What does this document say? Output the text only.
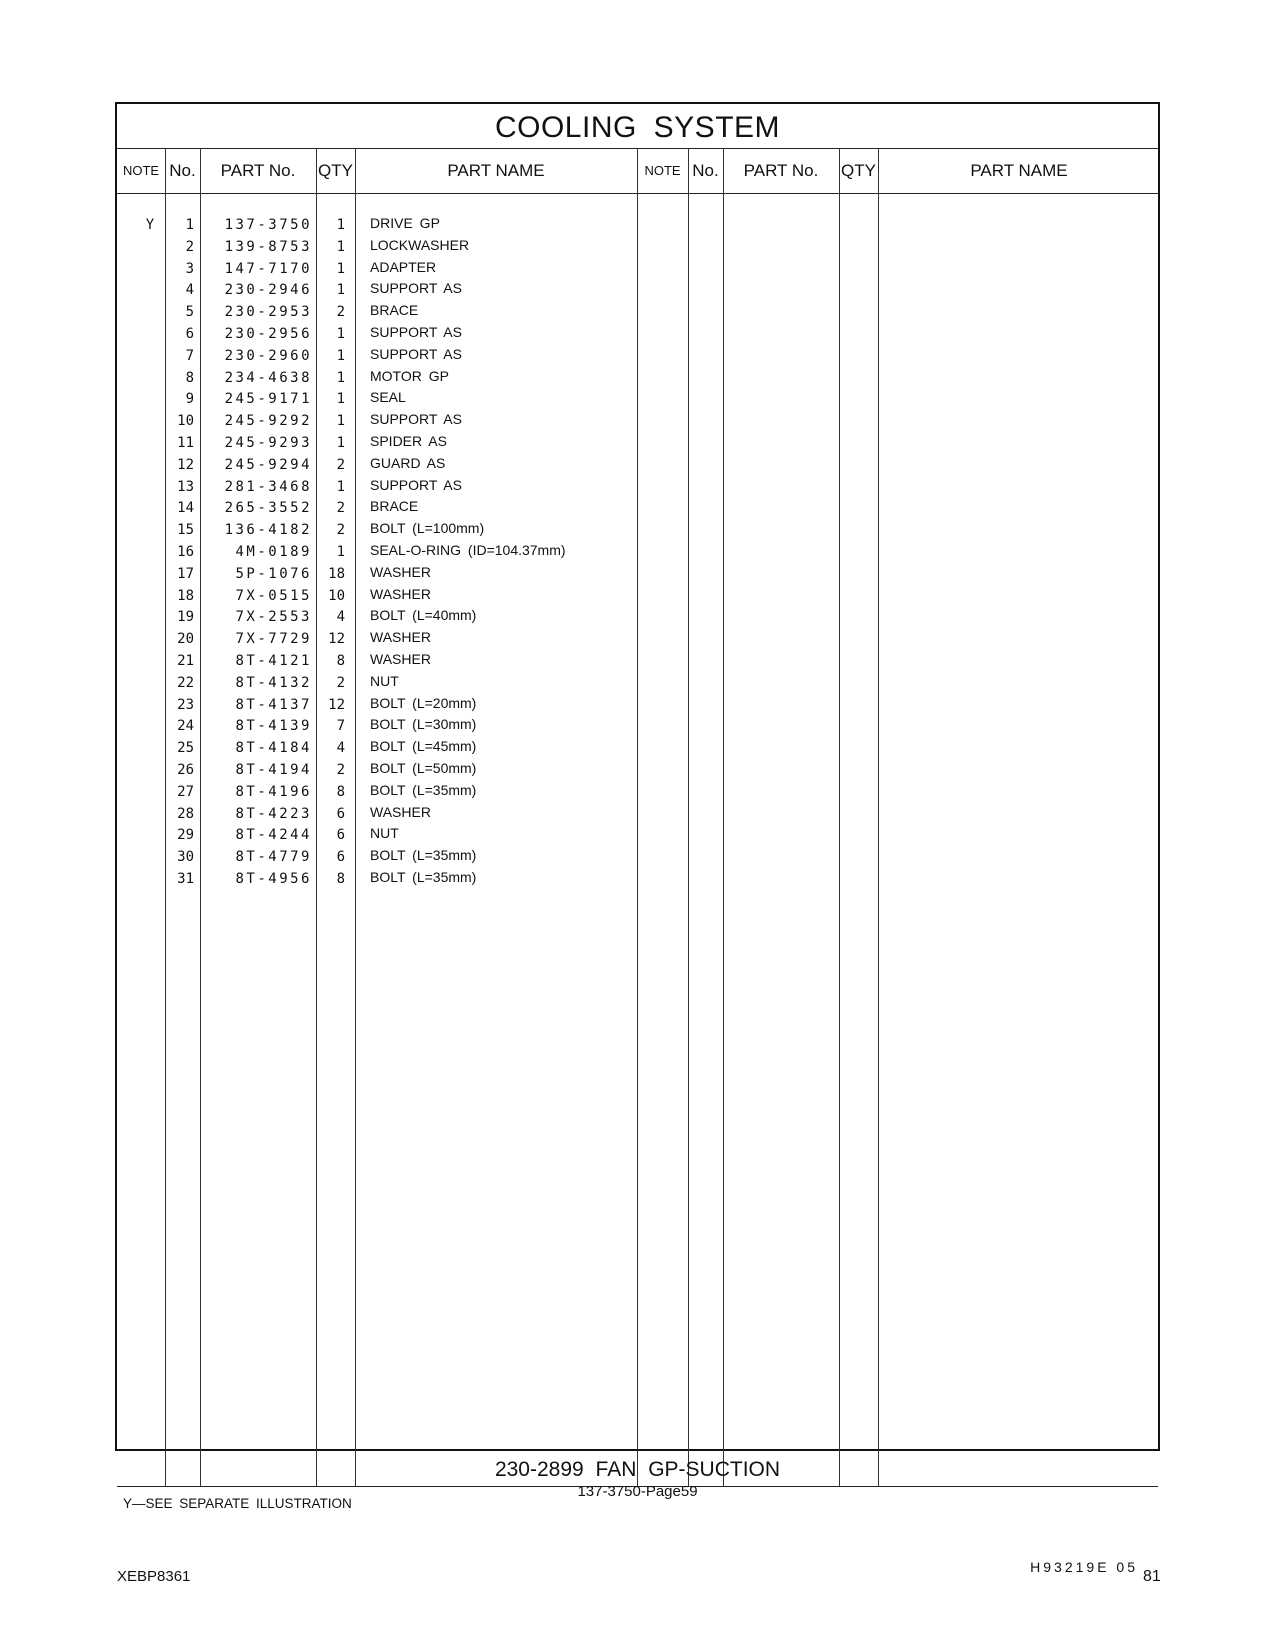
COOLING SYSTEM
NOTE No.	PART No.	QTY	PART NAME	NOTE No.	PART No.	QTY	PART NAME
Y	1	137-3750	1 DRIVE GP
2	139-8753	1 LOCKWASHER
3	147-7170	1 ADAPTER
4	230-2946	1 SUPPORT AS
5	230-2953	2 BRACE
6	230-2956	1 SUPPORT AS
7	230-2960	1 SUPPORT AS
8	234-4638	1 MOTOR GP
9	245-9171	1 SEAL
10	245-9292	1 SUPPORT AS
11	245-9293	1 SPIDER AS
12	245-9294	2 GUARD AS
13	281-3468	1 SUPPORT AS
14	265-3552	2 BRACE
15	136-4182	2 BOLT (L=100mm)
16	4M-0189	1 SEAL-O-RING (ID=104.37mm)
17	5P-1076	18 WASHER
18	7X-0515	10 WASHER
19	7X-2553	4 BOLT (L=40mm)
20	7X-7729	12 WASHER
21	8T-4121	8 WASHER
22	8T-4132	2 NUT
23	8T-4137	12 BOLT (L=20mm)
24	8T-4139	7 BOLT (L=30mm)
25	8T-4184	4 BOLT (L=45mm)
26	8T-4194	2 BOLT (L=50mm)
27	8T-4196	8 BOLT (L=35mm)
28	8T-4223	6 WASHER
29	8T-4244	6 NUT
30	8T-4779	6 BOLT (L=35mm)
31	8T-4956	8 BOLT (L=35mm)
Y—SEE SEPARATE ILLUSTRATION
H93219E 05
230-2899 FAN GP-SUCTION
137-3750-Page59
XEBP8361	81
